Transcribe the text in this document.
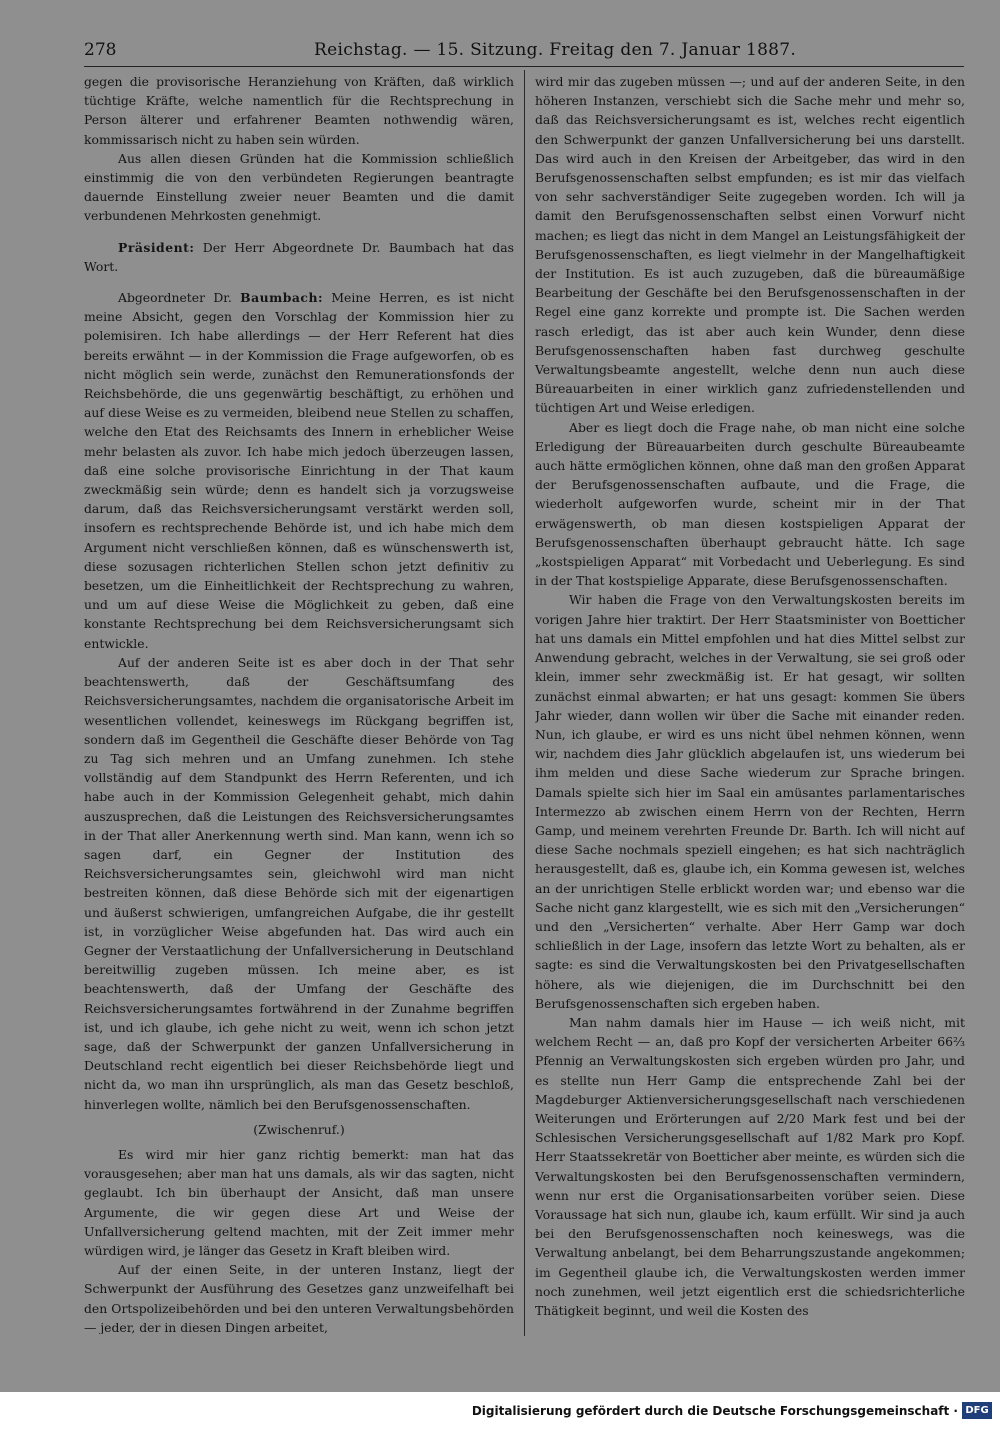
278	Reichstag. — 15. Sitzung. Freitag den 7. Januar 1887.

gegen die provisorische Heranziehung von Kräften, daß wirklich tüchtige Kräfte, welche namentlich für die Rechtsprechung in Person älterer und erfahrener Beamten nothwendig wären, kommissarisch nicht zu haben sein würden.

Aus allen diesen Gründen hat die Kommission schließlich einstimmig die von den verbündeten Regierungen beantragte dauernde Einstellung zweier neuer Beamten und die damit verbundenen Mehrkosten genehmigt.

Präsident: Der Herr Abgeordnete Dr. Baumbach hat das Wort.

Abgeordneter Dr. Baumbach: Meine Herren, es ist nicht meine Absicht, gegen den Vorschlag der Kommission hier zu polemisiren. Ich habe allerdings — der Herr Referent hat dies bereits erwähnt — in der Kommission die Frage aufgeworfen, ob es nicht möglich sein werde, zunächst den Remunerationsfonds der Reichsbehörde, die uns gegenwärtig beschäftigt, zu erhöhen und auf diese Weise es zu vermeiden, bleibend neue Stellen zu schaffen, welche den Etat des Reichsamts des Innern in erheblicher Weise mehr belasten als zuvor. Ich habe mich jedoch überzeugen lassen, daß eine solche provisorische Einrichtung in der That kaum zweckmäßig sein würde; denn es handelt sich ja vorzugsweise darum, daß das Reichsversicherungsamt verstärkt werden soll, insofern es rechtsprechende Behörde ist, und ich habe mich dem Argument nicht verschließen können, daß es wünschenswerth ist, diese sozusagen richterlichen Stellen schon jetzt definitiv zu besetzen, um die Einheitlichkeit der Rechtsprechung zu wahren, und um auf diese Weise die Möglichkeit zu geben, daß eine konstante Rechtsprechung bei dem Reichsversicherungsamt sich entwickle.

Auf der anderen Seite ist es aber doch in der That sehr beachtenswerth, daß der Geschäftsumfang des Reichsversicherungsamtes, nachdem die organisatorische Arbeit im wesentlichen vollendet, keineswegs im Rückgang begriffen ist, sondern daß im Gegentheil die Geschäfte dieser Behörde von Tag zu Tag sich mehren und an Umfang zunehmen. Ich stehe vollständig auf dem Standpunkt des Herrn Referenten, und ich habe auch in der Kommission Gelegenheit gehabt, mich dahin auszusprechen, daß die Leistungen des Reichsversicherungsamtes in der That aller Anerkennung werth sind. Man kann, wenn ich so sagen darf, ein Gegner der Institution des Reichsversicherungsamtes sein, gleichwohl wird man nicht bestreiten können, daß diese Behörde sich mit der eigenartigen und äußerst schwierigen, umfangreichen Aufgabe, die ihr gestellt ist, in vorzüglicher Weise abgefunden hat. Das wird auch ein Gegner der Verstaatlichung der Unfallversicherung in Deutschland bereitwillig zugeben müssen. Ich meine aber, es ist beachtenswerth, daß der Umfang der Geschäfte des Reichsversicherungsamtes fortwährend in der Zunahme begriffen ist, und ich glaube, ich gehe nicht zu weit, wenn ich schon jetzt sage, daß der Schwerpunkt der ganzen Unfallversicherung in Deutschland recht eigentlich bei dieser Reichsbehörde liegt und nicht da, wo man ihn ursprünglich, als man das Gesetz beschloß, hinverlegen wollte, nämlich bei den Berufsgenossenschaften.

(Zwischenruf.)

Es wird mir hier ganz richtig bemerkt: man hat das vorausgesehen; aber man hat uns damals, als wir das sagten, nicht geglaubt. Ich bin überhaupt der Ansicht, daß man unsere Argumente, die wir gegen diese Art und Weise der Unfallversicherung geltend machten, mit der Zeit immer mehr würdigen wird, je länger das Gesetz in Kraft bleiben wird.

Auf der einen Seite, in der unteren Instanz, liegt der Schwerpunkt der Ausführung des Gesetzes ganz unzweifelhaft bei den Ortspolizeibehörden und bei den unteren Verwaltungsbehörden — jeder, der in diesen Dingen arbeitet,

wird mir das zugeben müssen —; und auf der anderen Seite, in den höheren Instanzen, verschiebt sich die Sache mehr und mehr so, daß das Reichsversicherungsamt es ist, welches recht eigentlich den Schwerpunkt der ganzen Unfallversicherung bei uns darstellt. Das wird auch in den Kreisen der Arbeitgeber, das wird in den Berufsgenossenschaften selbst empfunden; es ist mir das vielfach von sehr sachverständiger Seite zugegeben worden. Ich will ja damit den Berufsgenossenschaften selbst einen Vorwurf nicht machen; es liegt das nicht in dem Mangel an Leistungsfähigkeit der Berufsgenossenschaften, es liegt vielmehr in der Mangelhaftigkeit der Institution. Es ist auch zuzugeben, daß die büreaumäßige Bearbeitung der Geschäfte bei den Berufsgenossenschaften in der Regel eine ganz korrekte und prompte ist. Die Sachen werden rasch erledigt, das ist aber auch kein Wunder, denn diese Berufsgenossenschaften haben fast durchweg geschulte Verwaltungsbeamte angestellt, welche denn nun auch diese Büreauarbeiten in einer wirklich ganz zufriedenstellenden und tüchtigen Art und Weise erledigen.

Aber es liegt doch die Frage nahe, ob man nicht eine solche Erledigung der Büreauarbeiten durch geschulte Büreaubeamte auch hätte ermöglichen können, ohne daß man den großen Apparat der Berufsgenossenschaften aufbaute, und die Frage, die wiederholt aufgeworfen wurde, scheint mir in der That erwägenswerth, ob man diesen kostspieligen Apparat der Berufsgenossenschaften überhaupt gebraucht hätte. Ich sage „kostspieligen Apparat“ mit Vorbedacht und Ueberlegung. Es sind in der That kostspielige Apparate, diese Berufsgenossenschaften.

Wir haben die Frage von den Verwaltungskosten bereits im vorigen Jahre hier traktirt. Der Herr Staatsminister von Boetticher hat uns damals ein Mittel empfohlen und hat dies Mittel selbst zur Anwendung gebracht, welches in der Verwaltung, sie sei groß oder klein, immer sehr zweckmäßig ist. Er hat gesagt, wir sollten zunächst einmal abwarten; er hat uns gesagt: kommen Sie übers Jahr wieder, dann wollen wir über die Sache mit einander reden. Nun, ich glaube, er wird es uns nicht übel nehmen können, wenn wir, nachdem dies Jahr glücklich abgelaufen ist, uns wiederum bei ihm melden und diese Sache wiederum zur Sprache bringen. Damals spielte sich hier im Saal ein amüsantes parlamentarisches Intermezzo ab zwischen einem Herrn von der Rechten, Herrn Gamp, und meinem verehrten Freunde Dr. Barth. Ich will nicht auf diese Sache nochmals speziell eingehen; es hat sich nachträglich herausgestellt, daß es, glaube ich, ein Komma gewesen ist, welches an der unrichtigen Stelle erblickt worden war; und ebenso war die Sache nicht ganz klargestellt, wie es sich mit den „Versicherungen“ und den „Versicherten“ verhalte. Aber Herr Gamp war doch schließlich in der Lage, insofern das letzte Wort zu behalten, als er sagte: es sind die Verwaltungskosten bei den Privatgesellschaften höhere, als wie diejenigen, die im Durchschnitt bei den Berufsgenossenschaften sich ergeben haben.

Man nahm damals hier im Hause — ich weiß nicht, mit welchem Recht — an, daß pro Kopf der versicherten Arbeiter 66⅔ Pfennig an Verwaltungskosten sich ergeben würden pro Jahr, und es stellte nun Herr Gamp die entsprechende Zahl bei der Magdeburger Aktienversicherungsgesellschaft nach verschiedenen Weiterungen und Erörterungen auf 2/20 Mark fest und bei der Schlesischen Versicherungsgesellschaft auf 1/82 Mark pro Kopf. Herr Staatssekretär von Boetticher aber meinte, es würden sich die Verwaltungskosten bei den Berufsgenossenschaften vermindern, wenn nur erst die Organisationsarbeiten vorüber seien. Diese Voraussage hat sich nun, glaube ich, kaum erfüllt. Wir sind ja auch bei den Berufsgenossenschaften noch keineswegs, was die Verwaltung anbelangt, bei dem Beharrungszustande angekommen; im Gegentheil glaube ich, die Verwaltungskosten werden immer noch zunehmen, weil jetzt eigentlich erst die schiedsrichterliche Thätigkeit beginnt, und weil die Kosten des

Digitalisierung gefördert durch die Deutsche Forschungsgemeinschaft · DFG
